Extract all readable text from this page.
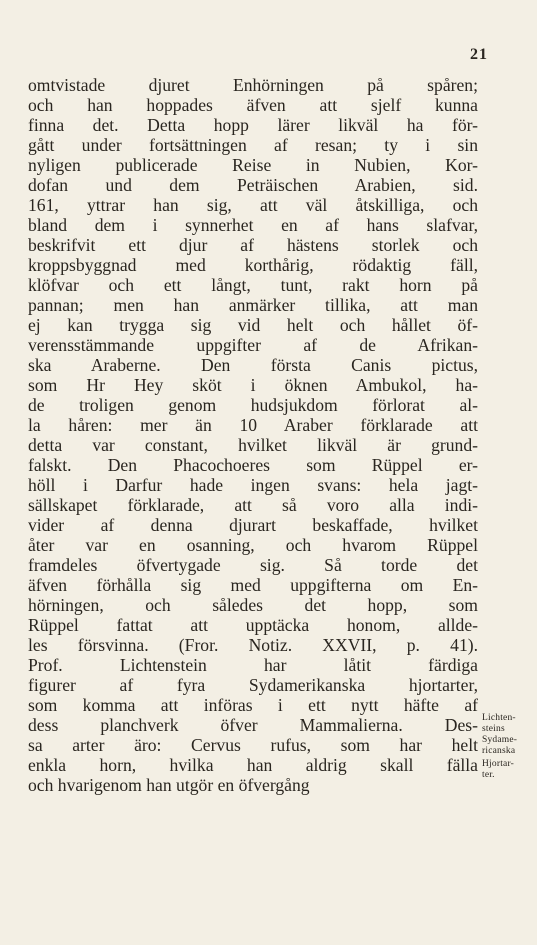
21
omtvistade djuret Enhörningen på spåren;
och han hoppades äfven att sjelf kunna
finna det. Detta hopp lärer likväl ha för-
gått under fortsättningen af resan; ty i sin
nyligen publicerade Reise in Nubien, Kor-
dofan und dem Peträischen Arabien, sid.
161, yttrar han sig, att väl åtskilliga, och
bland dem i synnerhet en af hans slafvar,
beskrifvit ett djur af hästens storlek och
kroppsbyggnad med korthårig, rödaktig fäll,
klöfvar och ett långt, tunt, rakt horn på
pannan; men han anmärker tillika, att man
ej kan trygga sig vid helt och hållet öf-
verensstämmande uppgifter af de Afrikan-
ska Araberne. Den första Canis pictus,
som Hr Hey sköt i öknen Ambukol, ha-
de troligen genom hudsjukdom förlorat al-
la håren: mer än 10 Araber förklarade att
detta var constant, hvilket likväl är grund-
falskt. Den Phacochoeres som Rüppel er-
höll i Darfur hade ingen svans: hela jagt-
sällskapet förklarade, att så voro alla indi-
vider af denna djurart beskaffade, hvilket
åter var en osanning, och hvarom Rüppel
framdeles öfvertygade sig. Så torde det
äfven förhålla sig med uppgifterna om En-
hörningen, och således det hopp, som
Rüppel fattat att upptäcka honom, allde-
les försvinna. (Fror. Notiz. XXVII, p. 41).
Prof. Lichtenstein har låtit färdiga
figurer af fyra Sydamerikanska hjortarter,
som komma att införas i ett nytt häfte af
dess planchverk öfver Mammalierna. Des-
sa arter äro: Cervus rufus, som har helt
enkla horn, hvilka han aldrig skall fälla
och hvarigenom han utgör en öfvergång
Lichten-
steins
Sydame-
ricanska
Hjortar-
ter.
